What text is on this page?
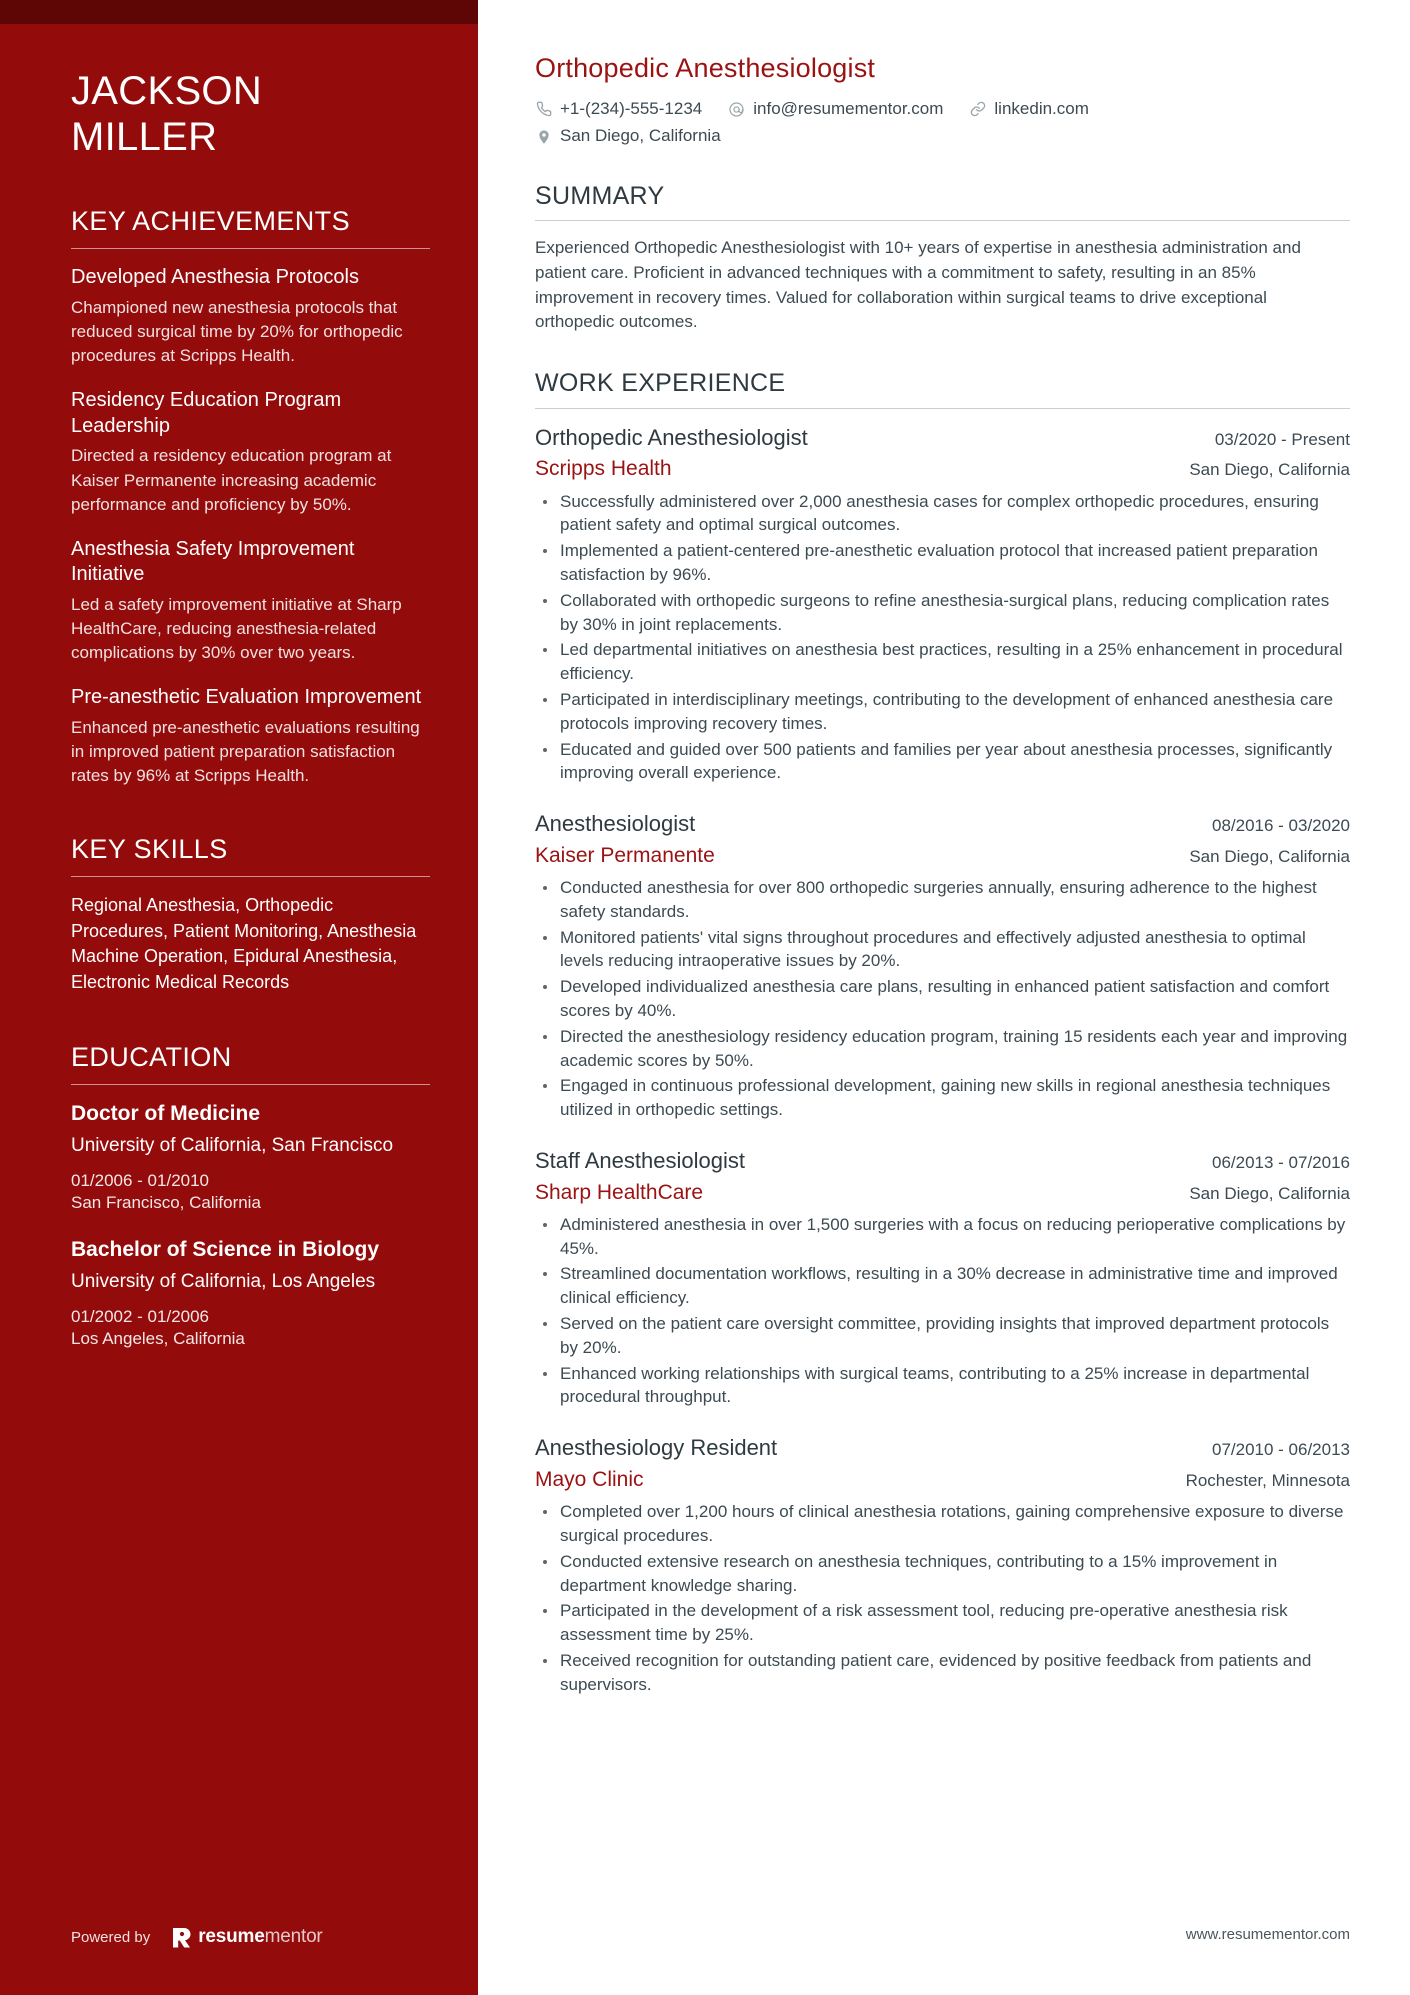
JACKSON
MILLER
KEY ACHIEVEMENTS
Developed Anesthesia Protocols
Championed new anesthesia protocols that reduced surgical time by 20% for orthopedic procedures at Scripps Health.
Residency Education Program Leadership
Directed a residency education program at Kaiser Permanente increasing academic performance and proficiency by 50%.
Anesthesia Safety Improvement Initiative
Led a safety improvement initiative at Sharp HealthCare, reducing anesthesia-related complications by 30% over two years.
Pre-anesthetic Evaluation Improvement
Enhanced pre-anesthetic evaluations resulting in improved patient preparation satisfaction rates by 96% at Scripps Health.
KEY SKILLS
Regional Anesthesia, Orthopedic Procedures, Patient Monitoring, Anesthesia Machine Operation, Epidural Anesthesia, Electronic Medical Records
EDUCATION
Doctor of Medicine
University of California, San Francisco
01/2006 - 01/2010
San Francisco, California
Bachelor of Science in Biology
University of California, Los Angeles
01/2002 - 01/2006
Los Angeles, California
Powered by	resumementor
Orthopedic Anesthesiologist
+1-(234)-555-1234	info@resumementor.com	linkedin.com
San Diego, California
SUMMARY

Experienced Orthopedic Anesthesiologist with 10+ years of expertise in anesthesia administration and patient care. Proficient in advanced techniques with a commitment to safety, resulting in an 85% improvement in recovery times. Valued for collaboration within surgical teams to drive exceptional orthopedic outcomes.

WORK EXPERIENCE
Orthopedic Anesthesiologist	03/2020 - Present
Scripps Health	San Diego, California
Successfully administered over 2,000 anesthesia cases for complex orthopedic procedures, ensuring patient safety and optimal surgical outcomes.
Implemented a patient-centered pre-anesthetic evaluation protocol that increased patient preparation satisfaction by 96%.
Collaborated with orthopedic surgeons to refine anesthesia-surgical plans, reducing complication rates by 30% in joint replacements.
Led departmental initiatives on anesthesia best practices, resulting in a 25% enhancement in procedural efficiency.
Participated in interdisciplinary meetings, contributing to the development of enhanced anesthesia care protocols improving recovery times.
Educated and guided over 500 patients and families per year about anesthesia processes, significantly improving overall experience.
Anesthesiologist	08/2016 - 03/2020
Kaiser Permanente	San Diego, California
Conducted anesthesia for over 800 orthopedic surgeries annually, ensuring adherence to the highest safety standards.
Monitored patients' vital signs throughout procedures and effectively adjusted anesthesia to optimal levels reducing intraoperative issues by 20%.
Developed individualized anesthesia care plans, resulting in enhanced patient satisfaction and comfort scores by 40%.
Directed the anesthesiology residency education program, training 15 residents each year and improving academic scores by 50%.
Engaged in continuous professional development, gaining new skills in regional anesthesia techniques utilized in orthopedic settings.
Staff Anesthesiologist	06/2013 - 07/2016
Sharp HealthCare	San Diego, California
Administered anesthesia in over 1,500 surgeries with a focus on reducing perioperative complications by 45%.
Streamlined documentation workflows, resulting in a 30% decrease in administrative time and improved clinical efficiency.
Served on the patient care oversight committee, providing insights that improved department protocols by 20%.
Enhanced working relationships with surgical teams, contributing to a 25% increase in departmental procedural throughput.
Anesthesiology Resident	07/2010 - 06/2013
Mayo Clinic	Rochester, Minnesota
Completed over 1,200 hours of clinical anesthesia rotations, gaining comprehensive exposure to diverse surgical procedures.
Conducted extensive research on anesthesia techniques, contributing to a 15% improvement in department knowledge sharing.
Participated in the development of a risk assessment tool, reducing pre-operative anesthesia risk assessment time by 25%.
Received recognition for outstanding patient care, evidenced by positive feedback from patients and supervisors.
www.resumementor.com
